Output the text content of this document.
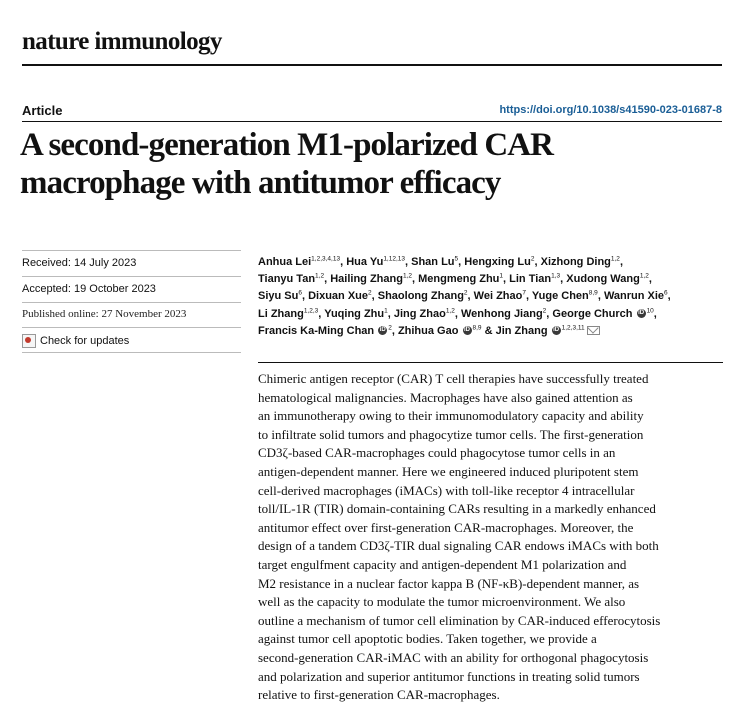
nature immunology
Article	https://doi.org/10.1038/s41590-023-01687-8
A second-generation M1-polarized CAR
macrophage with antitumor efficacy
Received: 14 July 2023
Accepted: 19 October 2023
Published online: 27 November 2023
Check for updates
Anhua Lei$^{1,2,3,4,13}$, Hua Yu$^{1,12,13}$, Shan Lu$^5$, Hengxing Lu$^2$, Xizhong Ding$^{1,2}$,
Tianyu Tan$^{1,2}$, Hailing Zhang$^{1,2}$, Mengmeng Zhu$^1$, Lin Tian$^{1,3}$, Xudong Wang$^{1,2}$,
Siyu Su$^6$, Dixuan Xue$^2$, Shaolong Zhang$^2$, Wei Zhao$^7$, Yuge Chen$^{8,9}$, Wanrun Xie$^6$,
Li Zhang$^{1,2,3}$, Yuqing Zhu$^1$, Jing Zhao$^{1,2}$, Wenhong Jiang$^2$, George Church iD $^{10}$,
Francis Ka-Ming Chan iD $^2$, Zhihua Gao iD $^{8,9}$ & Jin Zhang iD $^{1,2,3,11}$
Chimeric antigen receptor (CAR) T cell therapies have successfully treated
hematological malignancies. Macrophages have also gained attention as
an immunotherapy owing to their immunomodulatory capacity and ability
to infiltrate solid tumors and phagocytize tumor cells. The first-generation
CD3ζ-based CAR-macrophages could phagocytose tumor cells in an
antigen-dependent manner. Here we engineered induced pluripotent stem
cell-derived macrophages (iMACs) with toll-like receptor 4 intracellular
toll/IL-1R (TIR) domain-containing CARs resulting in a markedly enhanced
antitumor effect over first-generation CAR-macrophages. Moreover, the
design of a tandem CD3ζ-TIR dual signaling CAR endows iMACs with both
target engulfment capacity and antigen-dependent M1 polarization and
M2 resistance in a nuclear factor kappa B (NF-κB)-dependent manner, as
well as the capacity to modulate the tumor microenvironment. We also
outline a mechanism of tumor cell elimination by CAR-induced efferocytosis
against tumor cell apoptotic bodies. Taken together, we provide a
second-generation CAR-iMAC with an ability for orthogonal phagocytosis
and polarization and superior antitumor functions in treating solid tumors
relative to first-generation CAR-macrophages.
